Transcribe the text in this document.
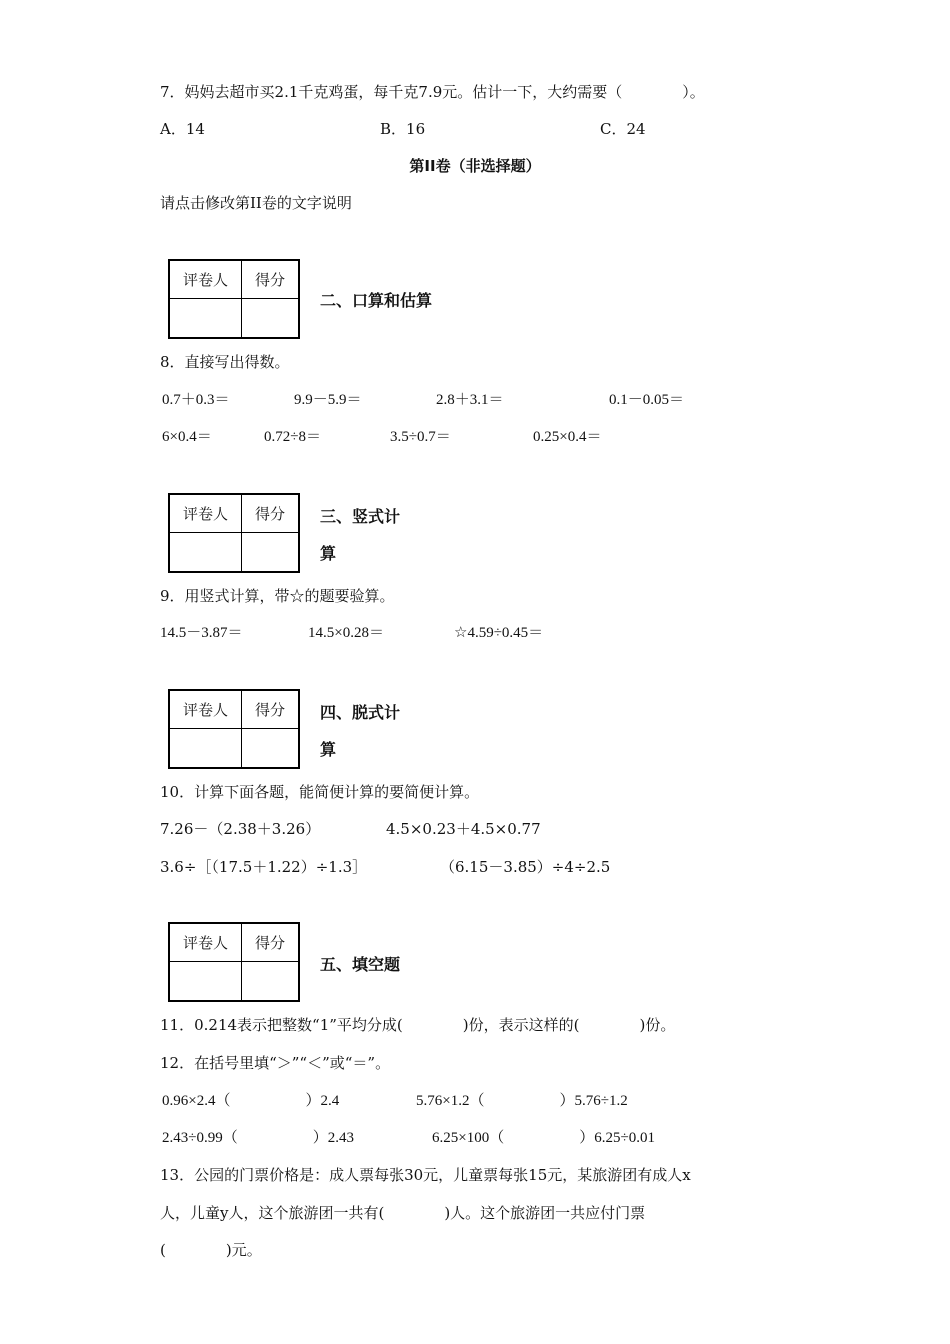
7．妈妈去超市买2.1千克鸡蛋，每千克7.9元。估计一下，大约需要（　　　　）。
A．14	B．16	C．24
第II卷（非选择题）
请点击修改第II卷的文字说明
评卷人	得分

二、口算和估算
8．直接写出得数。
0.7＋0.3＝	9.9－5.9＝	2.8＋3.1＝	0.1－0.05＝
6×0.4＝	0.72÷8＝	3.5÷0.7＝	0.25×0.4＝
评卷人	得分
	三、竖式计
算
9．用竖式计算，带☆的题要验算。
14.5－3.87＝	14.5×0.28＝	☆4.59÷0.45＝
评卷人	得分
	四、脱式计
算
10．计算下面各题，能简便计算的要简便计算。
7.26－（2.38＋3.26）	4.5×0.23＋4.5×0.77
3.6÷［（17.5＋1.22）÷1.3］	（6.15－3.85）÷4÷2.5
评卷人	得分

五、填空题
11．0.214表示把整数“1”平均分成(　　　　)份，表示这样的(　　　　)份。
12．在括号里填“＞”“＜”或“＝”。
0.96×2.4（　　　　　）2.4	5.76×1.2（　　　　　）5.76÷1.2
2.43÷0.99（　　　　　）2.43	6.25×100（　　　　　）6.25÷0.01
13．公园的门票价格是：成人票每张30元，儿童票每张15元，某旅游团有成人x
人，儿童y人，这个旅游团一共有(　　　　)人。这个旅游团一共应付门票
(　　　　)元。
